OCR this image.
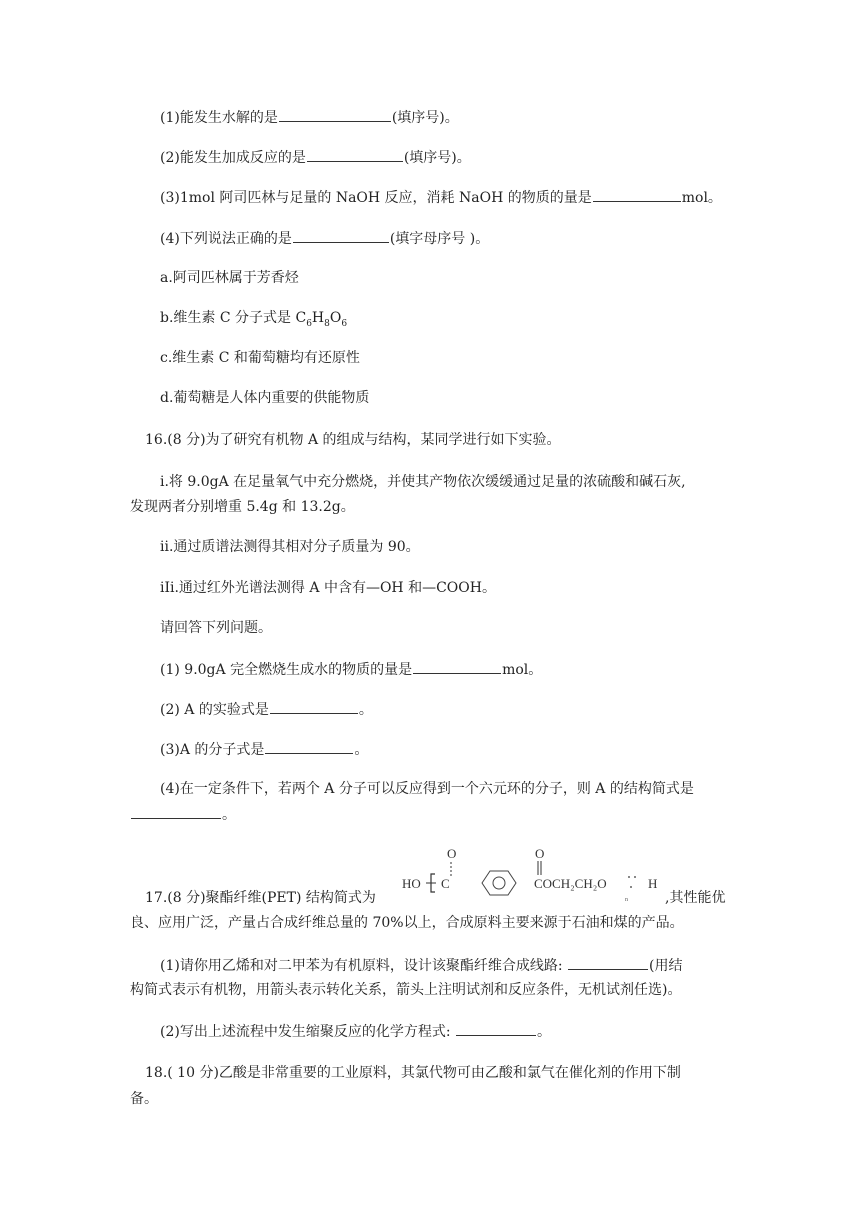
(1)能发生水解的是	(填序号)。
(2)能发生加成反应的是	(填序号)。
(3)1mol 阿司匹林与足量的 NaOH 反应，消耗 NaOH 的物质的量是	mol。
(4)下列说法正确的是	(填字母序号 )。
a.阿司匹林属于芳香烃
b.维生素 C 分子式是 $C_6H_8O_6$
c.维生素 C 和葡萄糖均有还原性
d.葡萄糖是人体内重要的供能物质
16.(8 分)为了研究有机物 A 的组成与结构，某同学进行如下实验。
i.将 9.0gA 在足量氧气中充分燃烧，并使其产物依次缓缓通过足量的浓硫酸和碱石灰,
发现两者分别增重 5.4g 和 13.2g。
ii.通过质谱法测得其相对分子质量为 90。
iIi.通过红外光谱法测得 A 中含有—OH 和—COOH。
请回答下列问题。
(1) 9.0gA 完全燃烧生成水的物质的量是	mol。
(2) A 的实验式是	。
(3)A 的分子式是	。
(4)在一定条件下，若两个 A 分子可以反应得到一个六元环的分子，则 A 的结构简式是
。
17.(8 分)聚酯纤维(PET) 结构简式为
O	O
HO C	COCH₂CH₂O
n
H
,其性能优
良、应用广泛，产量占合成纤维总量的 70%以上，合成原料主要来源于石油和煤的产品。
(1)请你用乙烯和对二甲苯为有机原料，设计该聚酯纤维合成线路:	(用结
构简式表示有机物，用箭头表示转化关系，箭头上注明试剂和反应条件，无机试剂任选)。
(2)写出上述流程中发生缩聚反应的化学方程式:	。
18.( 10 分)乙酸是非常重要的工业原料，其氯代物可由乙酸和氯气在催化剂的作用下制
备。
